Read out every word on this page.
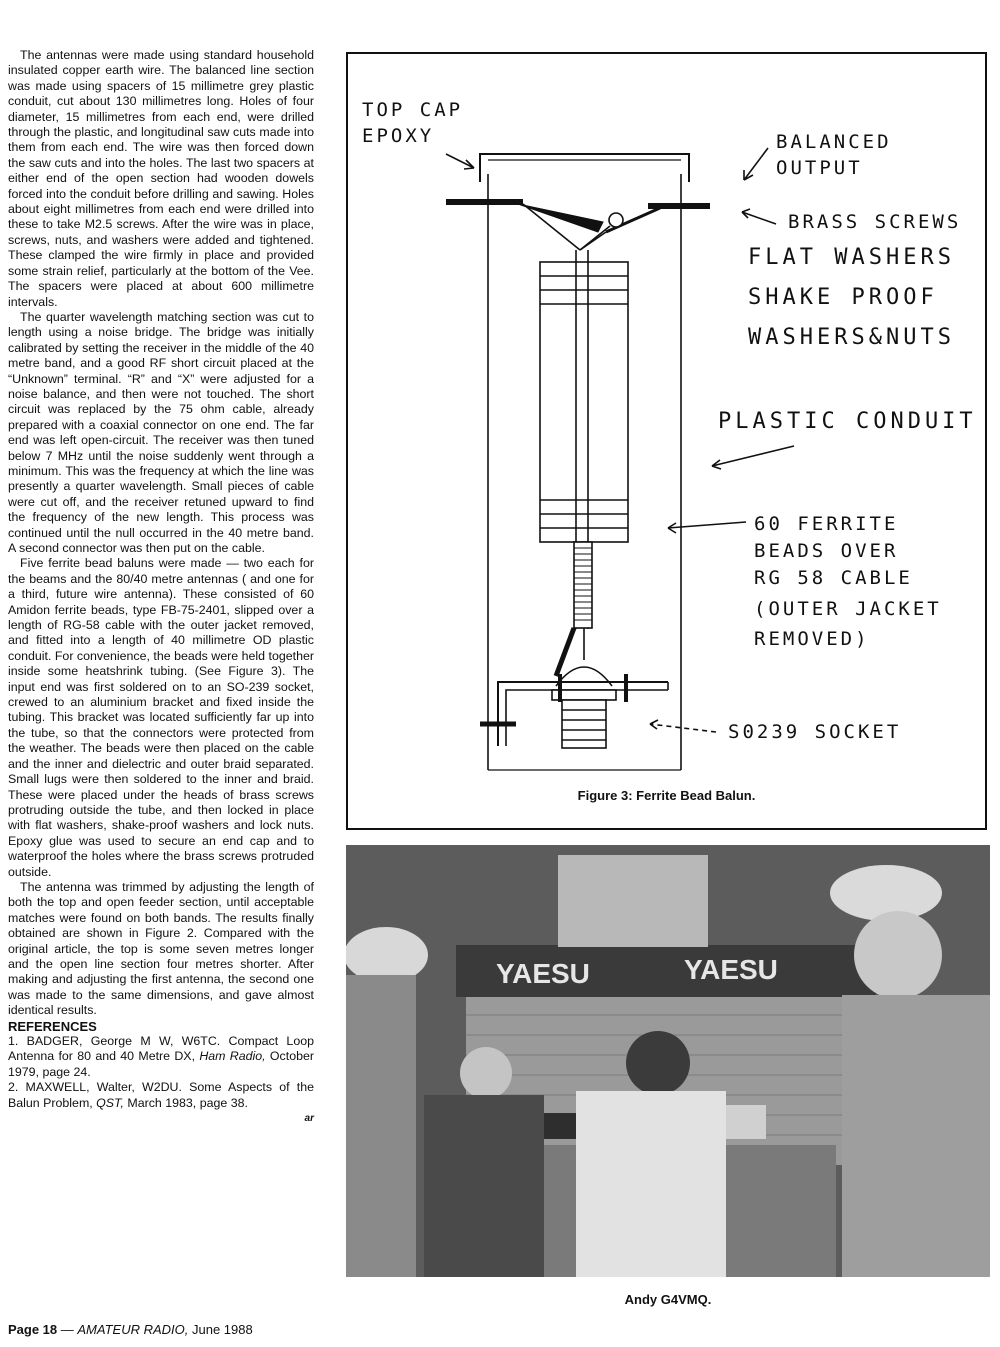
The antennas were made using standard household insulated copper earth wire. The balanced line section was made using spacers of 15 millimetre grey plastic conduit, cut about 130 millimetres long. Holes of four diameter, 15 millimetres from each end, were drilled through the plastic, and longitudinal saw cuts made into them from each end. The wire was then forced down the saw cuts and into the holes. The last two spacers at either end of the open section had wooden dowels forced into the conduit before drilling and sawing. Holes about eight millimetres from each end were drilled into these to take M2.5 screws. After the wire was in place, screws, nuts, and washers were added and tightened. These clamped the wire firmly in place and provided some strain relief, particularly at the bottom of the Vee. The spacers were placed at about 600 millimetre intervals.

The quarter wavelength matching section was cut to length using a noise bridge. The bridge was initially calibrated by setting the receiver in the middle of the 40 metre band, and a good RF short circuit placed at the “Unknown” terminal. “R” and “X” were adjusted for a noise balance, and then were not touched. The short circuit was replaced by the 75 ohm cable, already prepared with a coaxial connector on one end. The far end was left open-circuit. The receiver was then tuned below 7 MHz until the noise suddenly went through a minimum. This was the frequency at which the line was presently a quarter wavelength. Small pieces of cable were cut off, and the receiver retuned upward to find the frequency of the new length. This process was continued until the null occurred in the 40 metre band. A second connector was then put on the cable.

Five ferrite bead baluns were made — two each for the beams and the 80/40 metre antennas ( and one for a third, future wire antenna). These consisted of 60 Amidon ferrite beads, type FB-75-2401, slipped over a length of RG-58 cable with the outer jacket removed, and fitted into a length of 40 millimetre OD plastic conduit. For convenience, the beads were held together inside some heatshrink tubing. (See Figure 3). The input end was first soldered on to an SO-239 socket, crewed to an aluminium bracket and fixed inside the tubing. This bracket was located sufficiently far up into the tube, so that the connectors were protected from the weather. The beads were then placed on the cable and the inner and dielectric and outer braid separated. Small lugs were then soldered to the inner and braid. These were placed under the heads of brass screws protruding outside the tube, and then locked in place with flat washers, shake-proof washers and lock nuts. Epoxy glue was used to secure an end cap and to waterproof the holes where the brass screws protruded outside.

The antenna was trimmed by adjusting the length of both the top and open feeder section, until acceptable matches were found on both bands. The results finally obtained are shown in Figure 2. Compared with the original article, the top is some seven metres longer and the open line section four metres shorter. After making and adjusting the first antenna, the second one was made to the same dimensions, and gave almost identical results.

REFERENCES

1. BADGER, George M W, W6TC. Compact Loop Antenna for 80 and 40 Metre DX, Ham Radio, October 1979, page 24.

2. MAXWELL, Walter, W2DU. Some Aspects of the Balun Problem, QST, March 1983, page 38.

ar
Page 18 — AMATEUR RADIO, June 1988
TOP CAP
EPOXY	BALANCED
OUTPUT
BRASS SCREWS
FLAT WASHERS
SHAKE PROOF
WASHERS&NUTS
PLASTIC CONDUIT
60 FERRITE
BEADS OVER
RG 58 CABLE
(OUTER JACKET
REMOVED)
S0239 SOCKET
Figure 3: Ferrite Bead Balun.
YAESU	YAESU
Andy G4VMQ.
